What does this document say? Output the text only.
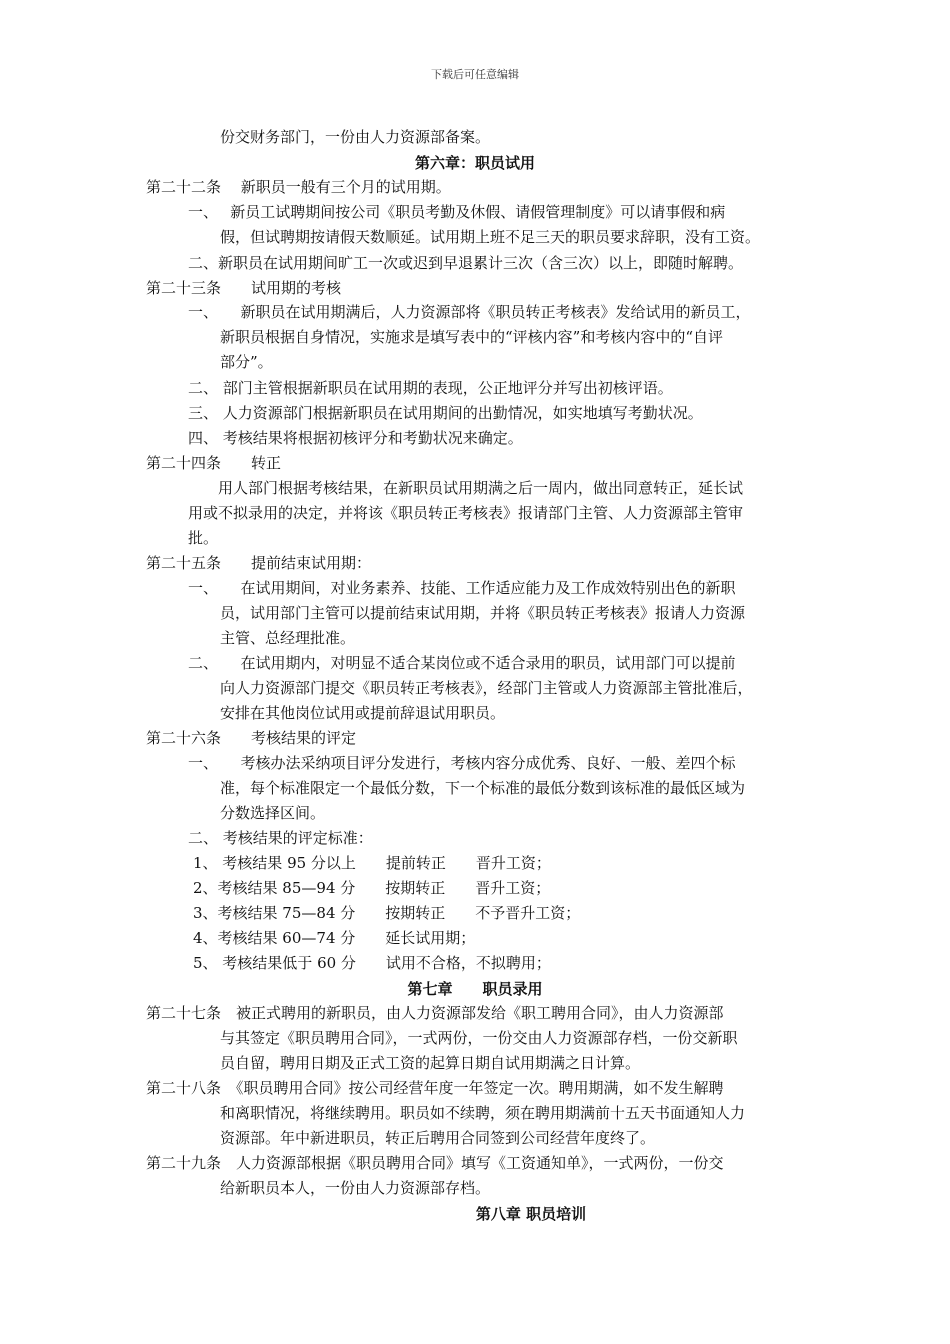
下载后可任意编辑
份交财务部门，一份由人力资源部备案。
第六章：职员试用
第二十二条　 新职员一般有三个月的试用期。
一、　 新员工试聘期间按公司《职员考勤及休假、请假管理制度》可以请事假和病
假，但试聘期按请假天数顺延。试用期上班不足三天的职员要求辞职，没有工资。
二、新职员在试用期间旷工一次或迟到早退累计三次（含三次）以上，即随时解聘。
第二十三条　　试用期的考核
一、　　新职员在试用期满后，人力资源部将《职员转正考核表》发给试用的新员工，
新职员根据自身情况，实施求是填写表中的“评核内容”和考核内容中的“自评
部分”。
二、 部门主管根据新职员在试用期的表现，公正地评分并写出初核评语。
三、 人力资源部门根据新职员在试用期间的出勤情况，如实地填写考勤状况。
四、 考核结果将根据初核评分和考勤状况来确定。
第二十四条　　转正
用人部门根据考核结果，在新职员试用期满之后一周内，做出同意转正，延长试
用或不拟录用的决定，并将该《职员转正考核表》报请部门主管、人力资源部主管审
批。
第二十五条　　提前结束试用期：
一、　　在试用期间，对业务素养、技能、工作适应能力及工作成效特别出色的新职
员，试用部门主管可以提前结束试用期，并将《职员转正考核表》报请人力资源
主管、总经理批准。
二、　　在试用期内，对明显不适合某岗位或不适合录用的职员，试用部门可以提前
向人力资源部门提交《职员转正考核表》，经部门主管或人力资源部主管批准后，
安排在其他岗位试用或提前辞退试用职员。
第二十六条　　考核结果的评定
一、　　考核办法采纳项目评分发进行，考核内容分成优秀、良好、一般、差四个标
准，每个标准限定一个最低分数，下一个标准的最低分数到该标准的最低区域为
分数选择区间。
二、 考核结果的评定标准：
1、 考核结果 95 分以上　　提前转正　　晋升工资；
2、考核结果 85—94 分　　按期转正　　晋升工资；
3、考核结果 75—84 分　　按期转正　　不予晋升工资；
4、考核结果 60—74 分　　延长试用期；
5、 考核结果低于 60 分　　试用不合格，不拟聘用；
第七章　　职员录用
第二十七条　被正式聘用的新职员，由人力资源部发给《职工聘用合同》，由人力资源部
与其签定《职员聘用合同》，一式两份，一份交由人力资源部存档，一份交新职
员自留，聘用日期及正式工资的起算日期自试用期满之日计算。
第二十八条　《职员聘用合同》按公司经营年度一年签定一次。聘用期满，如不发生解聘
和离职情况，将继续聘用。职员如不续聘，须在聘用期满前十五天书面通知人力
资源部。年中新进职员，转正后聘用合同签到公司经营年度终了。
第二十九条　人力资源部根据《职员聘用合同》填写《工资通知单》，一式两份，一份交
给新职员本人，一份由人力资源部存档。
第八章 职员培训
